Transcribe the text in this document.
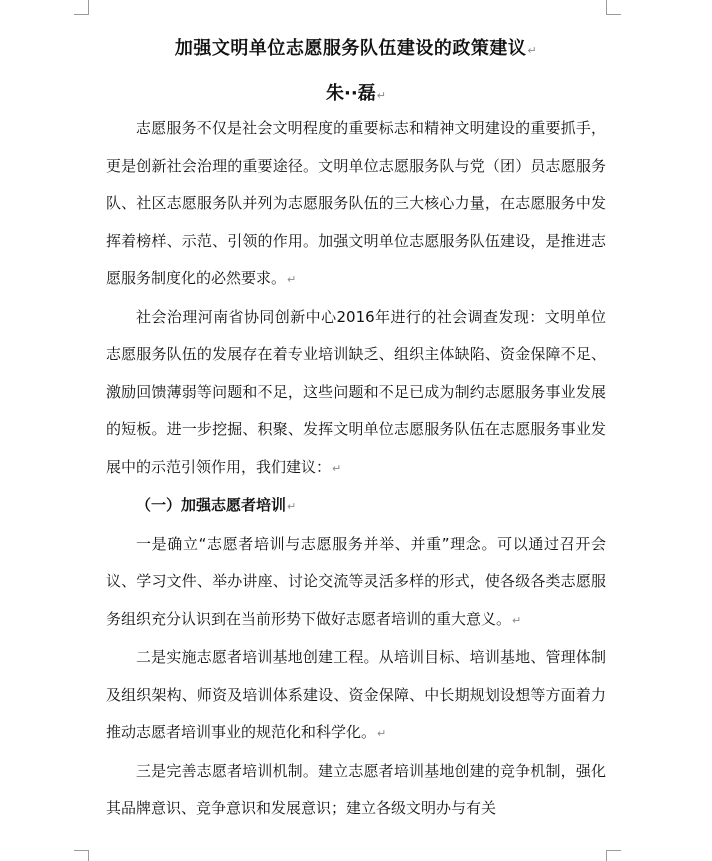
加强文明单位志愿服务队伍建设的政策建议↵
朱··磊↵

志愿服务不仅是社会文明程度的重要标志和精神文明建设的重要抓手，更是创新社会治理的重要途径。文明单位志愿服务队与党（团）员志愿服务队、社区志愿服务队并列为志愿服务队伍的三大核心力量，在志愿服务中发挥着榜样、示范、引领的作用。加强文明单位志愿服务队伍建设，是推进志愿服务制度化的必然要求。↵

社会治理河南省协同创新中心2016年进行的社会调查发现：文明单位志愿服务队伍的发展存在着专业培训缺乏、组织主体缺陷、资金保障不足、激励回馈薄弱等问题和不足，这些问题和不足已成为制约志愿服务事业发展的短板。进一步挖掘、积聚、发挥文明单位志愿服务队伍在志愿服务事业发展中的示范引领作用，我们建议：↵

（一）加强志愿者培训↵

一是确立“志愿者培训与志愿服务并举、并重”理念。可以通过召开会议、学习文件、举办讲座、讨论交流等灵活多样的形式，使各级各类志愿服务组织充分认识到在当前形势下做好志愿者培训的重大意义。↵

二是实施志愿者培训基地创建工程。从培训目标、培训基地、管理体制及组织架构、师资及培训体系建设、资金保障、中长期规划设想等方面着力推动志愿者培训事业的规范化和科学化。↵

三是完善志愿者培训机制。建立志愿者培训基地创建的竞争机制，强化其品牌意识、竞争意识和发展意识；建立各级文明办与有关
